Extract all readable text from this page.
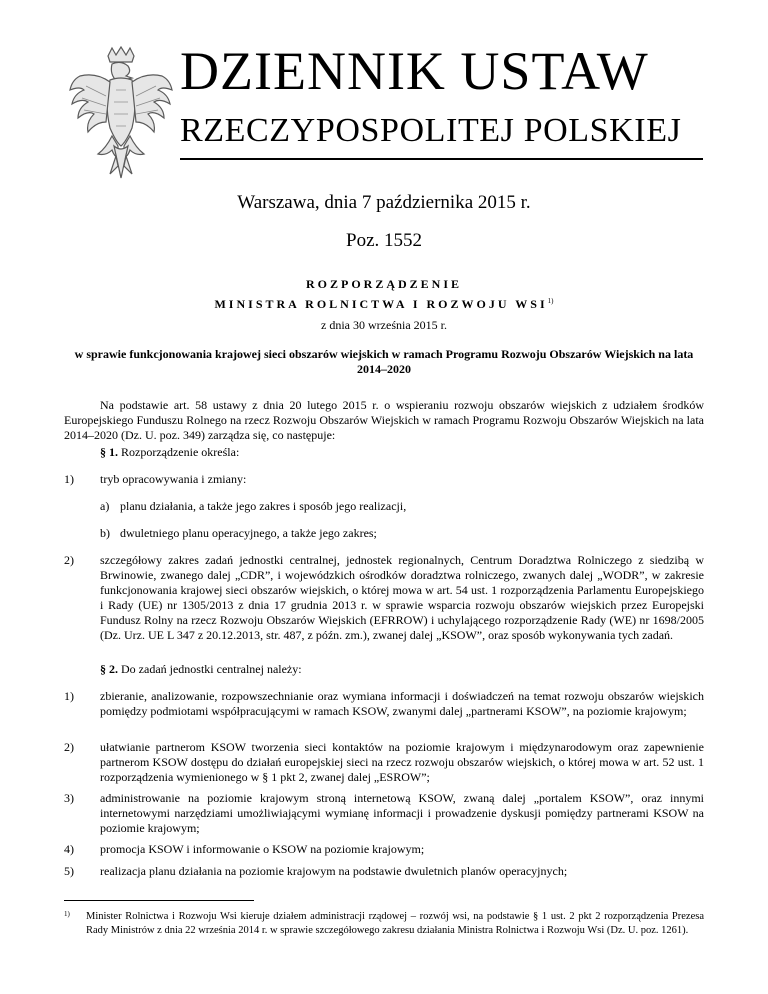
DZIENNIK USTAW
RZECZYPOSPOLITEJ POLSKIEJ
Warszawa, dnia 7 października 2015 r.
Poz. 1552
ROZPORZĄDZENIE
MINISTRA ROLNICTWA I ROZWOJU WSI$^{1)}$
z dnia 30 września 2015 r.
w sprawie funkcjonowania krajowej sieci obszarów wiejskich w ramach Programu Rozwoju Obszarów Wiejskich na lata 2014–2020
Na podstawie art. 58 ustawy z dnia 20 lutego 2015 r. o wspieraniu rozwoju obszarów wiejskich z udziałem środków Europejskiego Funduszu Rolnego na rzecz Rozwoju Obszarów Wiejskich w ramach Programu Rozwoju Obszarów Wiejskich na lata 2014–2020 (Dz. U. poz. 349) zarządza się, co następuje:
§ 1. Rozporządzenie określa:
1) tryb opracowywania i zmiany:
a) planu działania, a także jego zakres i sposób jego realizacji,
b) dwuletniego planu operacyjnego, a także jego zakres;
2) szczegółowy zakres zadań jednostki centralnej, jednostek regionalnych, Centrum Doradztwa Rolniczego z siedzibą w Brwinowie, zwanego dalej „CDR”, i wojewódzkich ośrodków doradztwa rolniczego, zwanych dalej „WODR”, w zakresie funkcjonowania krajowej sieci obszarów wiejskich, o której mowa w art. 54 ust. 1 rozporządzenia Parlamentu Europejskiego i Rady (UE) nr 1305/2013 z dnia 17 grudnia 2013 r. w sprawie wsparcia rozwoju obszarów wiejskich przez Europejski Fundusz Rolny na rzecz Rozwoju Obszarów Wiejskich (EFRROW) i uchylającego rozporządzenie Rady (WE) nr 1698/2005 (Dz. Urz. UE L 347 z 20.12.2013, str. 487, z późn. zm.), zwanej dalej „KSOW”, oraz sposób wykonywania tych zadań.
§ 2. Do zadań jednostki centralnej należy:
1) zbieranie, analizowanie, rozpowszechnianie oraz wymiana informacji i doświadczeń na temat rozwoju obszarów wiejskich pomiędzy podmiotami współpracującymi w ramach KSOW, zwanymi dalej „partnerami KSOW”, na poziomie krajowym;
2) ułatwianie partnerom KSOW tworzenia sieci kontaktów na poziomie krajowym i międzynarodowym oraz zapewnienie partnerom KSOW dostępu do działań europejskiej sieci na rzecz rozwoju obszarów wiejskich, o której mowa w art. 52 ust. 1 rozporządzenia wymienionego w § 1 pkt 2, zwanej dalej „ESROW”;
3) administrowanie na poziomie krajowym stroną internetową KSOW, zwaną dalej „portalem KSOW”, oraz innymi internetowymi narzędziami umożliwiającymi wymianę informacji i prowadzenie dyskusji pomiędzy partnerami KSOW na poziomie krajowym;
4) promocja KSOW i informowanie o KSOW na poziomie krajowym;
5) realizacja planu działania na poziomie krajowym na podstawie dwuletnich planów operacyjnych;
1) Minister Rolnictwa i Rozwoju Wsi kieruje działem administracji rządowej – rozwój wsi, na podstawie § 1 ust. 2 pkt 2 rozporządzenia Prezesa Rady Ministrów z dnia 22 września 2014 r. w sprawie szczegółowego zakresu działania Ministra Rolnictwa i Rozwoju Wsi (Dz. U. poz. 1261).
